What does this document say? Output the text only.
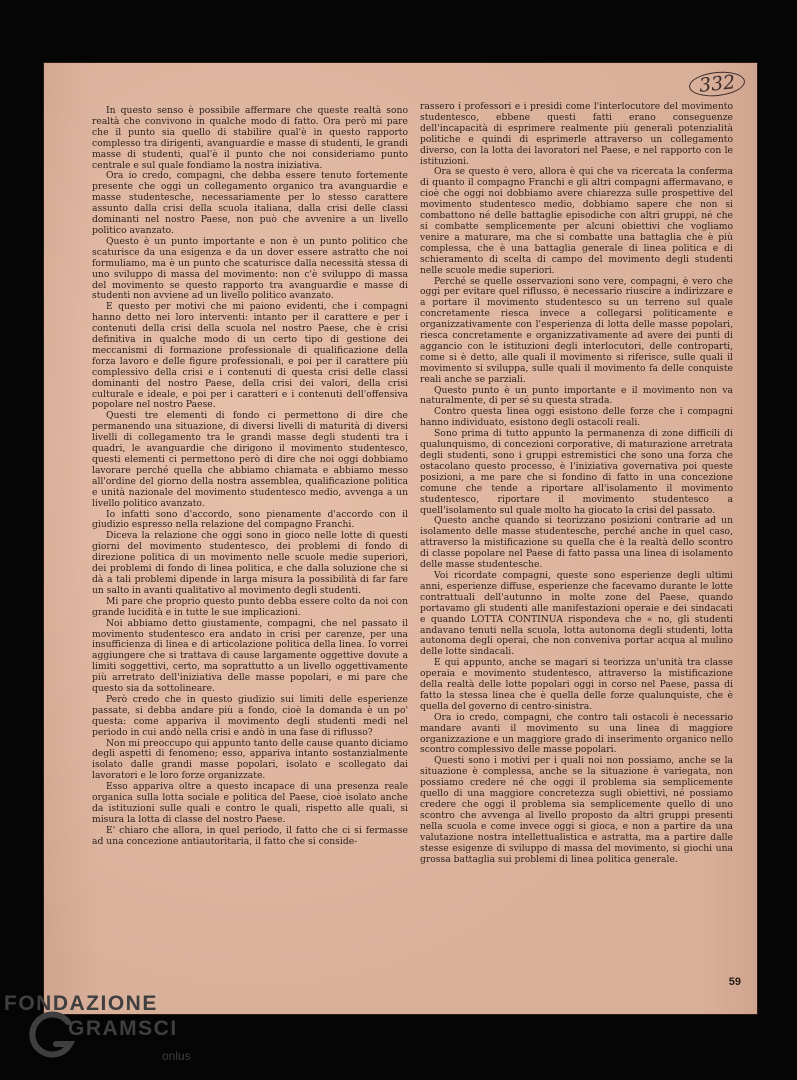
332

In questo senso è possibile affermare che queste realtà sono realtà che convivono in qualche modo di fatto. Ora però mi pare che il punto sia quello di stabilire qual'è in questo rapporto complesso tra dirigenti, avanguardie e masse di studenti, le grandi masse di studenti, qual'è il punto che noi consideriamo punto centrale e sul quale fondiamo la nostra iniziativa.

Ora io credo, compagni, che debba essere tenuto fortemente presente che oggi un collegamento organico tra avanguardie e masse studentesche, necessariamente per lo stesso carattere assunto dalla crisi della scuola italiana, dalla crisi delle classi dominanti nel nostro Paese, non può che avvenire a un livello politico avanzato.

Questo è un punto importante e non è un punto politico che scaturisce da una esigenza e da un dover essere astratto che noi formuliamo, ma è un punto che scaturisce dalla necessità stessa di uno sviluppo di massa del movimento: non c'è sviluppo di massa del movimento se questo rapporto tra avanguardie e masse di studenti non avviene ad un livello politico avanzato.

E questo per motivi che mi paiono evidenti, che i compagni hanno detto nei loro interventi: intanto per il carattere e per i contenuti della crisi della scuola nel nostro Paese, che è crisi definitiva in qualche modo di un certo tipo di gestione dei meccanismi di formazione professionale di qualificazione della forza lavoro e delle figure professionali, e poi per il carattere più complessivo della crisi e i contenuti di questa crisi delle classi dominanti del nostro Paese, della crisi dei valori, della crisi culturale e ideale, e poi per i caratteri e i contenuti dell'offensiva popolare nel nostro Paese.

Questi tre elementi di fondo ci permettono di dire che permanendo una situazione, di diversi livelli di maturità di diversi livelli di collegamento tra le grandi masse degli studenti tra i quadri, le avanguardie che dirigono il movimento studentesco, questi elementi ci permettono però di dire che noi oggi dobbiamo lavorare perché quella che abbiamo chiamata e abbiamo messo all'ordine del giorno della nostra assemblea, qualificazione politica e unità nazionale del movimento studentesco medio, avvenga a un livello politico avanzato.

Io infatti sono d'accordo, sono pienamente d'accordo con il giudizio espresso nella relazione del compagno Franchi.

Diceva la relazione che oggi sono in gioco nelle lotte di questi giorni del movimento studentesco, dei problemi di fondo di direzione politica di un movimento nelle scuole medie superiori, dei problemi di fondo di linea politica, e che dalla soluzione che si dà a tali problemi dipende in larga misura la possibilità di far fare un salto in avanti qualitativo al movimento degli studenti.

Mi pare che proprio questo punto debba essere colto da noi con grande lucidità e in tutte le sue implicazioni.

Noi abbiamo detto giustamente, compagni, che nel passato il movimento studentesco era andato in crisi per carenze, per una insufficienza di linea e di articolazione politica della linea. Io vorrei aggiungere che si trattava di cause largamente oggettive dovute a limiti soggettivi, certo, ma soprattutto a un livello oggettivamente più arretrato dell'iniziativa delle masse popolari, e mi pare che questo sia da sottolineare.

Però credo che in questo giudizio sui limiti delle esperienze passate, si debba andare più a fondo, cioè la domanda è un po' questa: come appariva il movimento degli studenti medi nel periodo in cui andò nella crisi e andò in una fase di riflusso?

Non mi preoccupo qui appunto tanto delle cause quanto diciamo degli aspetti di fenomeno; esso, appariva intanto sostanzialmente isolato dalle grandi masse popolari, isolato e scollegato dai lavoratori e le loro forze organizzate.

Esso appariva oltre a questo incapace di una presenza reale organica sulla lotta sociale e politica del Paese, cioè isolato anche da istituzioni sulle quali e contro le quali, rispetto alle quali, si misura la lotta di classe del nostro Paese.

E' chiaro che allora, in quel periodo, il fatto che ci si fermasse ad una concezione antiautoritaria, il fatto che si conside-

rassero i professori e i presidi come l'interlocutore del movimento studentesco, ebbene questi fatti erano conseguenze dell'incapacità di esprimere realmente più generali potenzialità politiche e quindi di esprimerle attraverso un collegamento diverso, con la lotta dei lavoratori nel Paese, e nel rapporto con le istituzioni.

Ora se questo è vero, allora è qui che va ricercata la conferma di quanto il compagno Franchi e gli altri compagni affermavano, e cioè che oggi noi dobbiamo avere chiarezza sulle prospettive del movimento studentesco medio, dobbiamo sapere che non si combattono né delle battaglie episodiche con altri gruppi, né che si combatte semplicemente per alcuni obiettivi che vogliamo venire a maturare, ma che si combatte una battaglia che è più complessa, che è una battaglia generale di linea politica e di schieramento di scelta di campo del movimento degli studenti nelle scuole medie superiori.

Perché se quelle osservazioni sono vere, compagni, è vero che oggi per evitare quel riflusso, è necessario riuscire a indirizzare e a portare il movimento studentesco su un terreno sul quale concretamente riesca invece a collegarsi politicamente e organizzativamente con l'esperienza di lotta delle masse popolari, riesca concretamente e organizzativamente ad avere dei punti di aggancio con le istituzioni degli interlocutori, delle controparti, come si è detto, alle quali il movimento si riferisce, sulle quali il movimento si sviluppa, sulle quali il movimento fa delle conquiste reali anche se parziali.

Questo punto è un punto importante e il movimento non va naturalmente, di per sé su questa strada.

Contro questa linea oggi esistono delle forze che i compagni hanno individuato, esistono degli ostacoli reali.

Sono prima di tutto appunto la permanenza di zone difficili di qualunquismo, di concezioni corporative, di maturazione arretrata degli studenti, sono i gruppi estremistici che sono una forza che ostacolano questo processo, è l'iniziativa governativa poi queste posizioni, a me pare che si fondino di fatto in una concezione comune che tende a riportare all'isolamento il movimento studentesco, riportare il movimento studentesco a quell'isolamento sul quale molto ha giocato la crisi del passato.

Questo anche quando si teorizzano posizioni contrarie ad un isolamento delle masse studentesche, perché anche in quel caso, attraverso la mistificazione su quella che è la realtà dello scontro di classe popolare nel Paese di fatto passa una linea di isolamento delle masse studentesche.

Voi ricordate compagni, queste sono esperienze degli ultimi anni, esperienze diffuse, esperienze che facevamo durante le lotte contrattuali dell'autunno in molte zone del Paese, quando portavamo gli studenti alle manifestazioni operaie e dei sindacati e quando LOTTA CONTINUA rispondeva che « no, gli studenti andavano tenuti nella scuola, lotta autonoma degli studenti, lotta autonoma degli operai, che non conveniva portar acqua al mulino delle lotte sindacali.

E qui appunto, anche se magari si teorizza un'unità tra classe operaia e movimento studentesco, attraverso la mistificazione della realtà delle lotte popolari oggi in corso nel Paese, passa di fatto la stessa linea che è quella delle forze qualunquiste, che è quella del governo di centro-sinistra.

Ora io credo, compagni, che contro tali ostacoli è necessario mandare avanti il movimento su una linea di maggiore organizzazione e un maggiore grado di inserimento organico nello scontro complessivo delle masse popolari.

Questi sono i motivi per i quali noi non possiamo, anche se la situazione è complessa, anche se la situazione è variegata, non possiamo credere né che oggi il problema sia semplicemente quello di una maggiore concretezza sugli obiettivi, né possiamo credere che oggi il problema sia semplicemente quello di uno scontro che avvenga al livello proposto da altri gruppi presenti nella scuola e come invece oggi si gioca, e non a partire da una valutazione nostra intellettualistica e astratta, ma a partire dalle stesse esigenze di sviluppo di massa del movimento, si giochi una grossa battaglia sui problemi di linea politica generale.

59
FONDAZIONE
GRAMSCI
onlus
